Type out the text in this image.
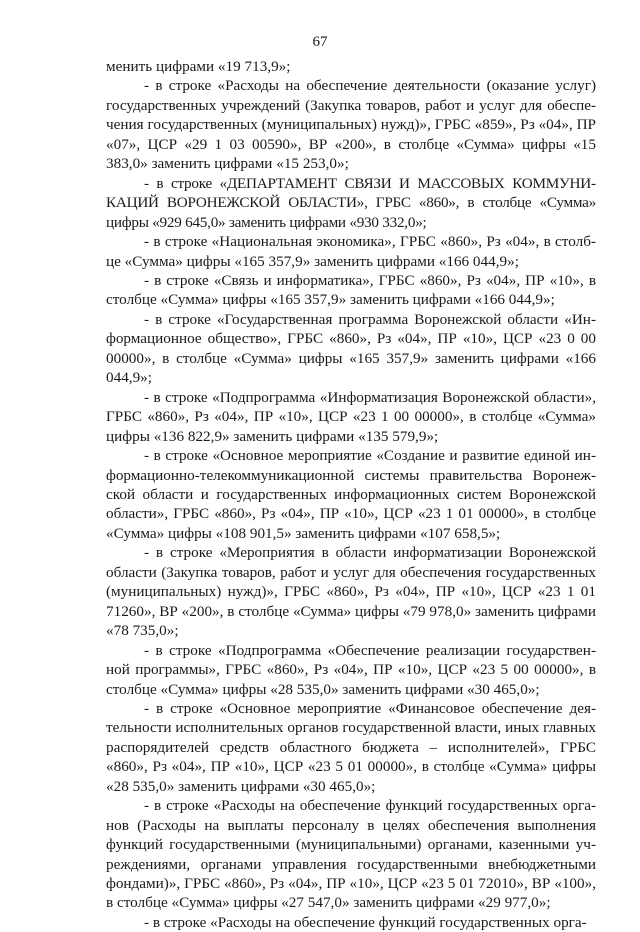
67

менить цифрами «19 713,9»;

- в строке «Расходы на обеспечение деятельности (оказание услуг) государственных учреждений (Закупка товаров, работ и услуг для обеспечения государственных (муниципальных) нужд)», ГРБС «859», Рз «04», ПР «07», ЦСР «29 1 03 00590», ВР «200», в столбце «Сумма» цифры «15 383,0» заменить цифрами «15 253,0»;

- в строке «ДЕПАРТАМЕНТ СВЯЗИ И МАССОВЫХ КОММУНИКАЦИЙ ВОРОНЕЖСКОЙ ОБЛАСТИ», ГРБС «860», в столбце «Сумма» цифры «929 645,0» заменить цифрами «930 332,0»;

- в строке «Национальная экономика», ГРБС «860», Рз «04», в столбце «Сумма» цифры «165 357,9» заменить цифрами «166 044,9»;

- в строке «Связь и информатика», ГРБС «860», Рз «04», ПР «10», в столбце «Сумма» цифры «165 357,9» заменить цифрами «166 044,9»;

- в строке «Государственная программа Воронежской области «Информационное общество», ГРБС «860», Рз «04», ПР «10», ЦСР «23 0 00 00000», в столбце «Сумма» цифры «165 357,9» заменить цифрами «166 044,9»;

- в строке «Подпрограмма «Информатизация Воронежской области», ГРБС «860», Рз «04», ПР «10», ЦСР «23 1 00 00000», в столбце «Сумма» цифры «136 822,9» заменить цифрами «135 579,9»;

- в строке «Основное мероприятие «Создание и развитие единой информационно-телекоммуникационной системы правительства Воронежской области и государственных информационных систем Воронежской области», ГРБС «860», Рз «04», ПР «10», ЦСР «23 1 01 00000», в столбце «Сумма» цифры «108 901,5» заменить цифрами «107 658,5»;

- в строке «Мероприятия в области информатизации Воронежской области (Закупка товаров, работ и услуг для обеспечения государственных (муниципальных) нужд)», ГРБС «860», Рз «04», ПР «10», ЦСР «23 1 01 71260», ВР «200», в столбце «Сумма» цифры «79 978,0» заменить цифрами «78 735,0»;

- в строке «Подпрограмма «Обеспечение реализации государственной программы», ГРБС «860», Рз «04», ПР «10», ЦСР «23 5 00 00000», в столбце «Сумма» цифры «28 535,0» заменить цифрами «30 465,0»;

- в строке «Основное мероприятие «Финансовое обеспечение деятельности исполнительных органов государственной власти, иных главных распорядителей средств областного бюджета – исполнителей», ГРБС «860», Рз «04», ПР «10», ЦСР «23 5 01 00000», в столбце «Сумма» цифры «28 535,0» заменить цифрами «30 465,0»;

- в строке «Расходы на обеспечение функций государственных органов (Расходы на выплаты персоналу в целях обеспечения выполнения функций государственными (муниципальными) органами, казенными учреждениями, органами управления государственными внебюджетными фондами)», ГРБС «860», Рз «04», ПР «10», ЦСР «23 5 01 72010», ВР «100», в столбце «Сумма» цифры «27 547,0» заменить цифрами «29 977,0»;

- в строке «Расходы на обеспечение функций государственных орга-
